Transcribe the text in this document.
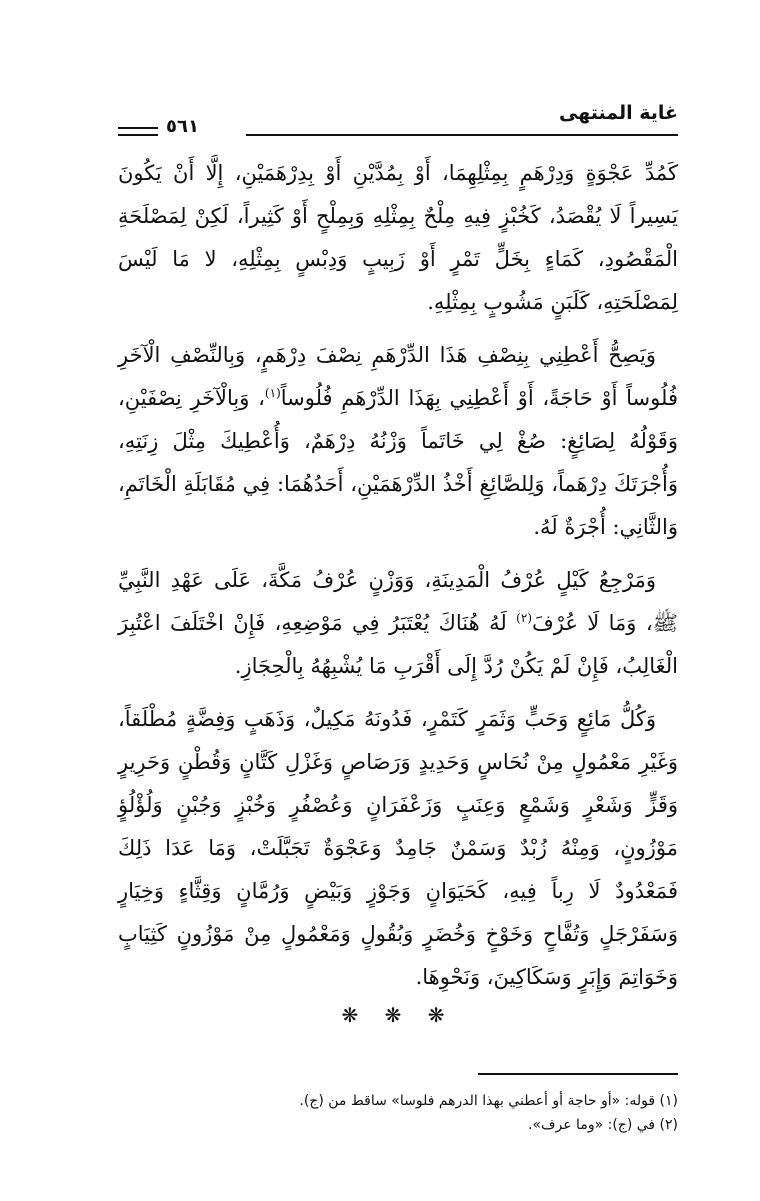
غاية المنتهى
٥٦١

كَمُدِّ عَجْوَةٍ وَدِرْهَمٍ بِمِثْلِهِمَا، أَوْ بِمُدَّيْنِ أَوْ بِدِرْهَمَيْنِ، إِلَّا أَنْ يَكُونَ يَسِيراً لَا يُقْصَدُ، كَخُبْزٍ فِيهِ مِلْحٌ بِمِثْلِهِ وَبِمِلْحٍ أَوْ كَثِيراً، لَكِنْ لِمَصْلَحَةِ الْمَقْصُودِ، كَمَاءٍ بِخَلٍّ تَمْرٍ أَوْ زَبِيبٍ وَدِبْسٍ بِمِثْلِهِ، لا مَا لَيْسَ لِمَصْلَحَتِهِ، كَلَبَنٍ مَشُوبٍ بِمِثْلِهِ.

وَيَصِحُّ أَعْطِنِي بِنِصْفِ هَذَا الدِّرْهَمِ نِصْفَ دِرْهَمٍ، وَبِالنِّصْفِ الْآخَرِ فُلُوساً أَوْ حَاجَةً، أَوْ أَعْطِنِي بِهَذَا الدِّرْهَمِ فُلُوساً$^{(١)}$، وَبِالْآخَرِ نِصْفَيْنِ، وَقَوْلُهُ لِصَائِغٍ: صُغْ لِي خَاتَماً وَزْنُهُ دِرْهَمٌ، وَأُعْطِيكَ مِثْلَ زِنَتِهِ، وَأُجْرَتَكَ دِرْهَماً، وَلِلصَّائِغِ أَخْذُ الدِّرْهَمَيْنِ، أَحَدُهُمَا: فِي مُقَابَلَةِ الْخَاتَمِ، وَالثَّانِي: أُجْرَةٌ لَهُ.

وَمَرْجِعُ كَيْلٍ عُرْفُ الْمَدِينَةِ، وَوَزْنٍ عُرْفُ مَكَّةَ، عَلَى عَهْدِ النَّبِيِّ ﷺ، وَمَا لَا عُرْفَ$^{(٢)}$ لَهُ هُنَاكَ يُعْتَبَرُ فِي مَوْضِعِهِ، فَإِنْ اخْتَلَفَ اعْتُبِرَ الْغَالِبُ، فَإِنْ لَمْ يَكُنْ رُدَّ إِلَى أَقْرَبِ مَا يُشْبِهُهُ بِالْحِجَازِ.

وَكُلُّ مَائِعٍ وَحَبٍّ وَثَمَرٍ كَتَمْرٍ، فَدُونَهُ مَكِيلٌ، وَذَهَبٍ وَفِضَّةٍ مُطْلَقاً، وَغَيْرِ مَعْمُولٍ مِنْ نُحَاسٍ وَحَدِيدٍ وَرَصَاصٍ وَغَزْلِ كَتَّانٍ وَقُطْنٍ وَحَرِيرٍ وَقَزٍّ وَشَعْرٍ وَشَمْعٍ وَعِنَبٍ وَزَعْفَرَانٍ وَعُصْفُرٍ وَخُبْزٍ وَجُبْنٍ وَلُؤْلُؤٍ مَوْزُونٍ، وَمِنْهُ زُبْدٌ وَسَمْنٌ جَامِدٌ وَعَجْوَةٌ تَجَبَّلَتْ، وَمَا عَدَا ذَلِكَ فَمَعْدُودٌ لَا رِباً فِيهِ، كَحَيَوَانٍ وَجَوْزٍ وَبَيْضٍ وَرُمَّانٍ وَقِثَّاءٍ وَخِيَارٍ وَسَفَرْجَلٍ وَتُفَّاحٍ وَخَوْخٍ وَخُضَرٍ وَبُقُولٍ وَمَعْمُولٍ مِنْ مَوْزُونٍ كَثِيَابٍ وَخَوَاتِمَ وَإِبَرٍ وَسَكَاكِينَ، وَنَحْوِهَا.

❋ ❋ ❋

(١) قوله: «أو حاجة أو أعطني بهذا الدرهم فلوسا» ساقط من (ج).

(٢) في (ج): «وما عرف».
